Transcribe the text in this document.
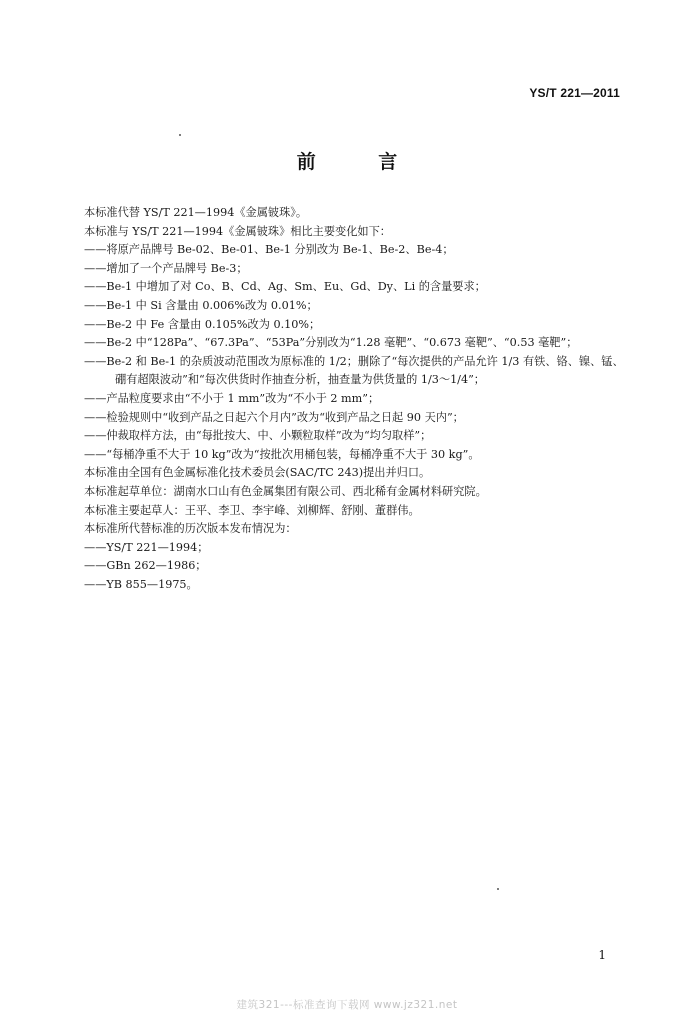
YS/T 221—2011
前 言

本标准代替 YS/T 221—1994《金属铍珠》。

本标准与 YS/T 221—1994《金属铍珠》相比主要变化如下：

——将原产品牌号 Be-02、Be-01、Be-1 分别改为 Be-1、Be-2、Be-4；

——增加了一个产品牌号 Be-3；

——Be-1 中增加了对 Co、B、Cd、Ag、Sm、Eu、Gd、Dy、Li 的含量要求；

——Be-1 中 Si 含量由 0.006%改为 0.01%；

——Be-2 中 Fe 含量由 0.105%改为 0.10%；

——Be-2 中“128Pa”、“67.3Pa”、“53Pa”分别改为“1.28 毫靶”、“0.673 毫靶”、“0.53 毫靶”；

——Be-2 和 Be-1 的杂质波动范围改为原标准的 1/2；删除了“每次提供的产品允许 1/3 有铁、铬、镍、锰、硼有超限波动”和“每次供货时作抽查分析，抽查量为供货量的 1/3～1/4”；

——产品粒度要求由“不小于 1 mm”改为“不小于 2 mm”；

——检验规则中“收到产品之日起六个月内”改为“收到产品之日起 90 天内”；

——仲裁取样方法，由“每批按大、中、小颗粒取样”改为“均匀取样”；

——“每桶净重不大于 10 kg”改为“按批次用桶包装，每桶净重不大于 30 kg”。

本标准由全国有色金属标准化技术委员会(SAC/TC 243)提出并归口。

本标准起草单位：湖南水口山有色金属集团有限公司、西北稀有金属材料研究院。

本标准主要起草人：王平、李卫、李宇峰、刘柳辉、舒刚、董群伟。

本标准所代替标准的历次版本发布情况为：

——YS/T 221—1994；

——GBn 262—1986；

——YB 855—1975。

1
建筑321---标准查询下载网 www.jz321.net
